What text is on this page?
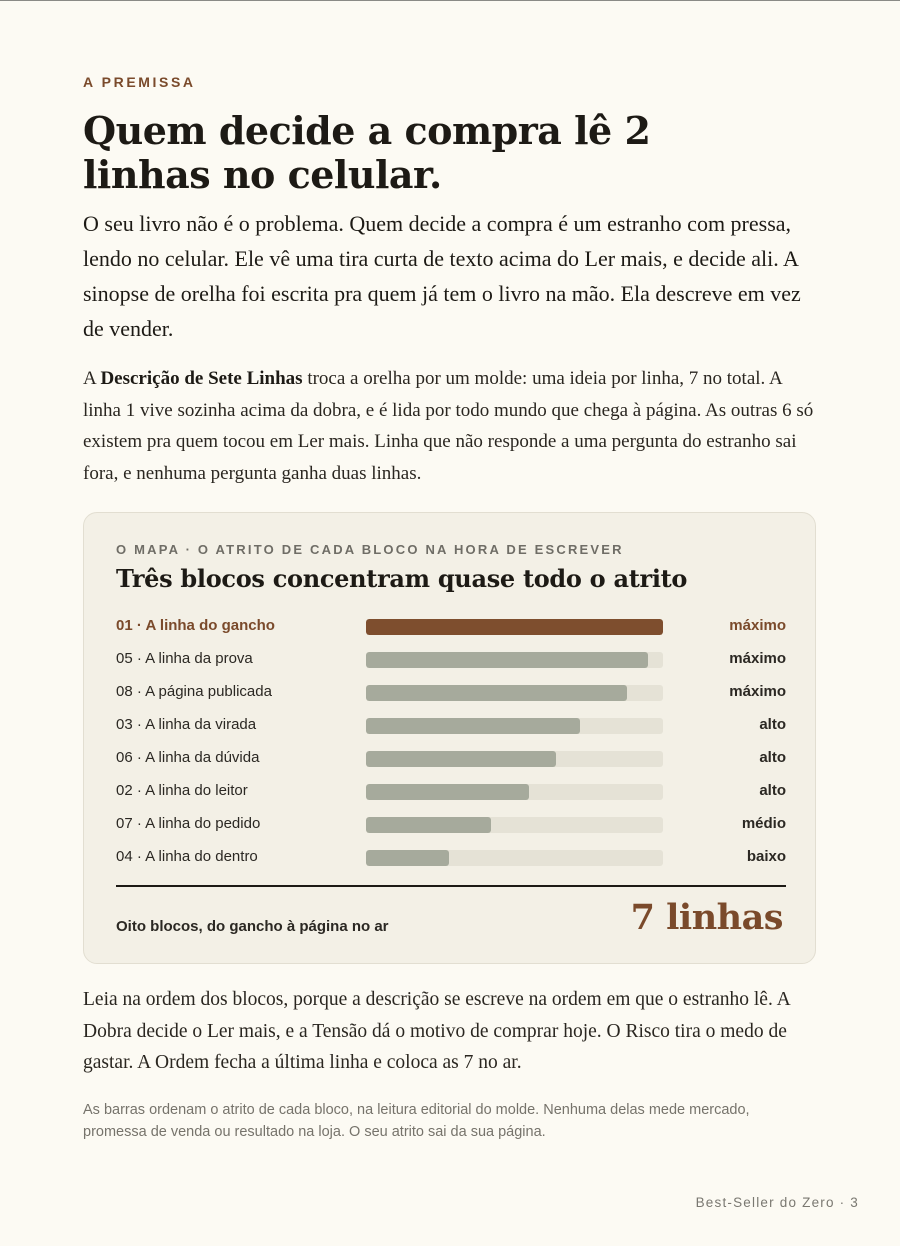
A PREMISSA
Quem decide a compra lê 2 linhas no celular.

O seu livro não é o problema. Quem decide a compra é um estranho com pressa, lendo no celular. Ele vê uma tira curta de texto acima do Ler mais, e decide ali. A sinopse de orelha foi escrita pra quem já tem o livro na mão. Ela descreve em vez de vender.

A Descrição de Sete Linhas troca a orelha por um molde: uma ideia por linha, 7 no total. A linha 1 vive sozinha acima da dobra, e é lida por todo mundo que chega à página. As outras 6 só existem pra quem tocou em Ler mais. Linha que não responde a uma pergunta do estranho sai fora, e nenhuma pergunta ganha duas linhas.

O MAPA · O ATRITO DE CADA BLOCO NA HORA DE ESCREVER
Três blocos concentram quase todo o atrito
01 · A linha do gancho	máximo
05 · A linha da prova	máximo
08 · A página publicada	máximo
03 · A linha da virada	alto
06 · A linha da dúvida	alto
02 · A linha do leitor	alto
07 · A linha do pedido	médio
04 · A linha do dentro	baixo
Oito blocos, do gancho à página no ar	7 linhas

Leia na ordem dos blocos, porque a descrição se escreve na ordem em que o estranho lê. A Dobra decide o Ler mais, e a Tensão dá o motivo de comprar hoje. O Risco tira o medo de gastar. A Ordem fecha a última linha e coloca as 7 no ar.

As barras ordenam o atrito de cada bloco, na leitura editorial do molde. Nenhuma delas mede mercado, promessa de venda ou resultado na loja. O seu atrito sai da sua página.

Best-Seller do Zero · 3
